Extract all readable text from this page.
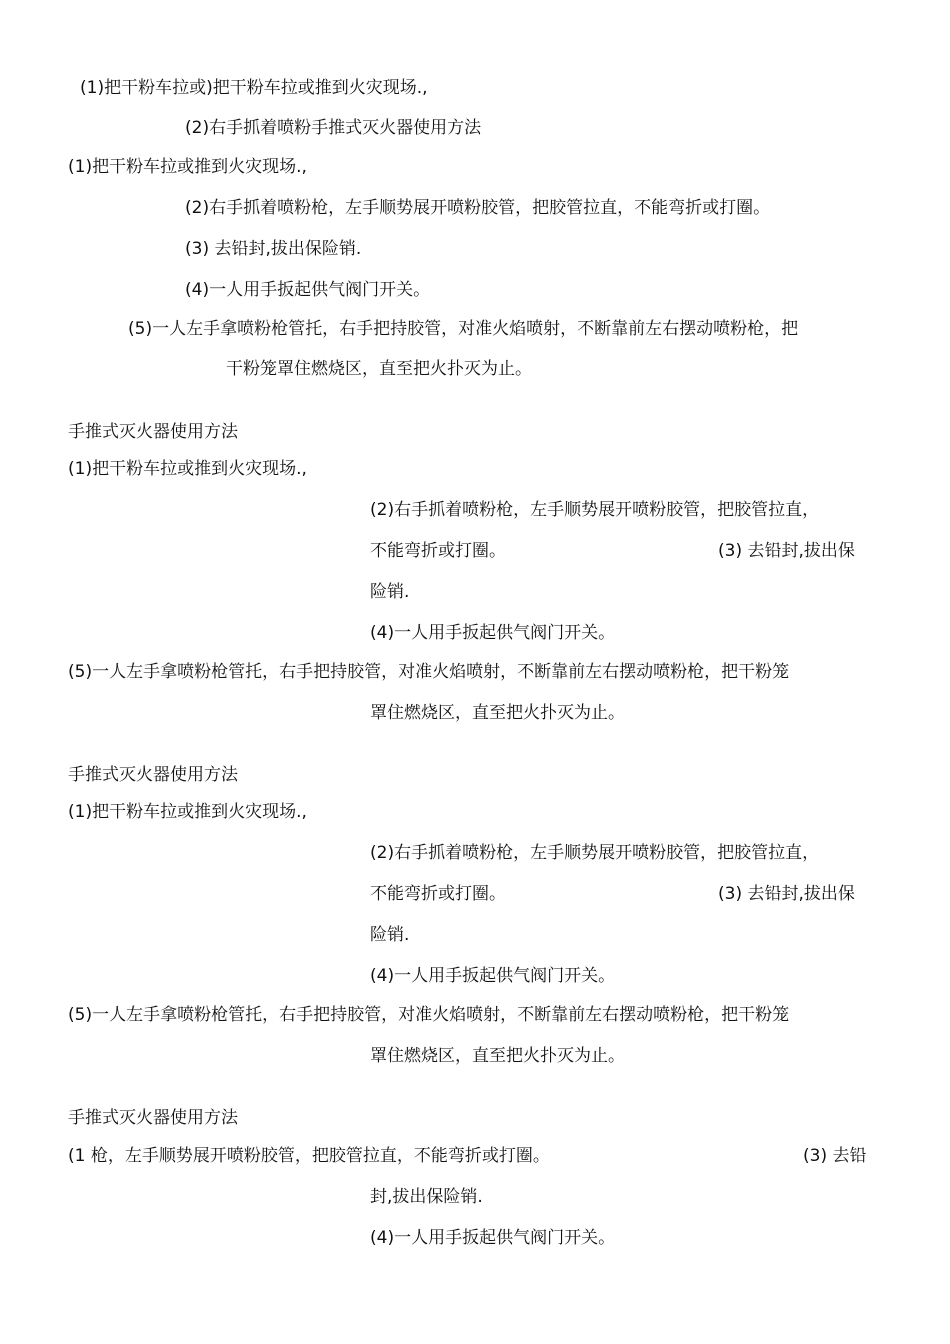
(1)把干粉车拉或)把干粉车拉或推到火灾现场.,
(2)右手抓着喷粉手推式灭火器使用方法
(1)把干粉车拉或推到火灾现场.,
(2)右手抓着喷粉枪，左手顺势展开喷粉胶管，把胶管拉直，不能弯折或打圈。
(3) 去铅封,拔出保险销.
(4)一人用手扳起供气阀门开关。
(5)一人左手拿喷粉枪管托，右手把持胶管，对准火焰喷射，不断靠前左右摆动喷粉枪，把
干粉笼罩住燃烧区，直至把火扑灭为止。
手推式灭火器使用方法
(1)把干粉车拉或推到火灾现场.,
(2)右手抓着喷粉枪，左手顺势展开喷粉胶管，把胶管拉直，
不能弯折或打圈。	(3) 去铅封,拔出保
险销.
(4)一人用手扳起供气阀门开关。
(5)一人左手拿喷粉枪管托，右手把持胶管，对准火焰喷射，不断靠前左右摆动喷粉枪，把干粉笼
罩住燃烧区，直至把火扑灭为止。
手推式灭火器使用方法
(1)把干粉车拉或推到火灾现场.,
(2)右手抓着喷粉枪，左手顺势展开喷粉胶管，把胶管拉直，
不能弯折或打圈。	(3) 去铅封,拔出保
险销.
(4)一人用手扳起供气阀门开关。
(5)一人左手拿喷粉枪管托，右手把持胶管，对准火焰喷射，不断靠前左右摆动喷粉枪，把干粉笼
罩住燃烧区，直至把火扑灭为止。
手推式灭火器使用方法
(1 枪，左手顺势展开喷粉胶管，把胶管拉直，不能弯折或打圈。	(3) 去铅
封,拔出保险销.
(4)一人用手扳起供气阀门开关。
